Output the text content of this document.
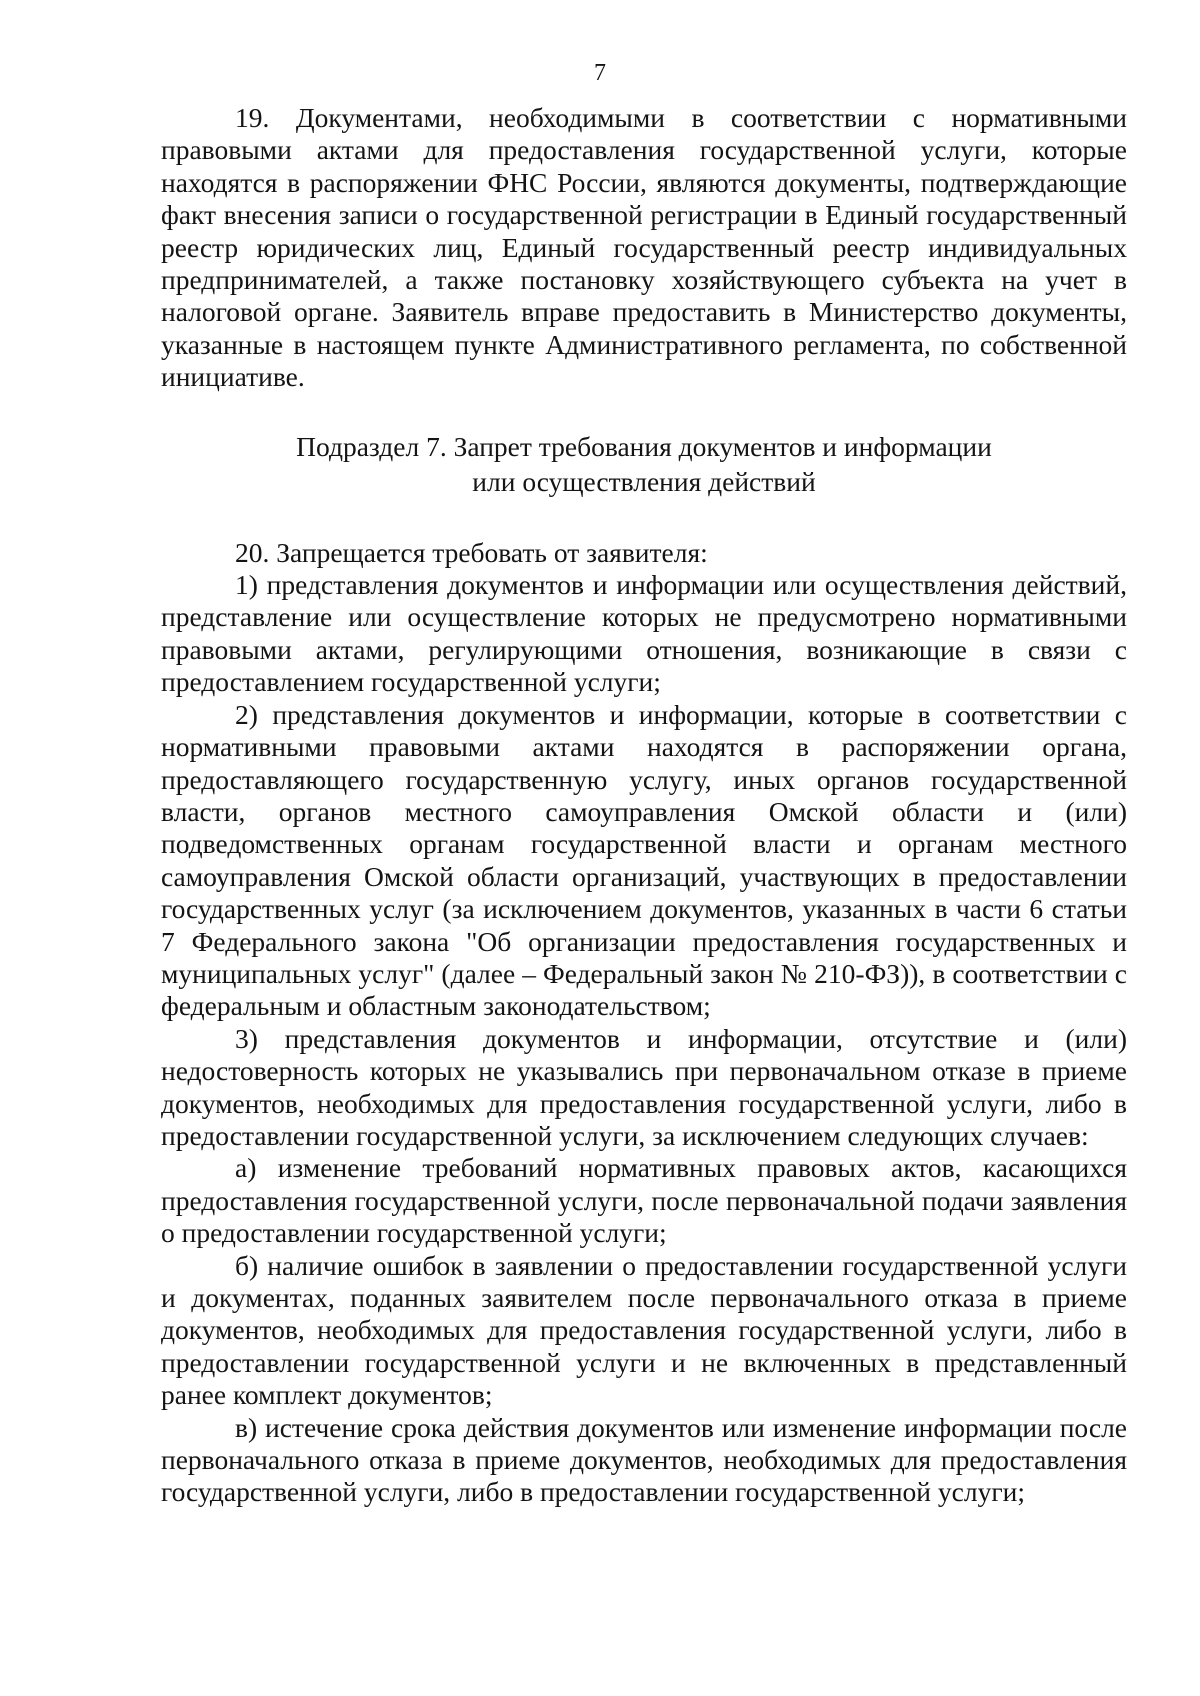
7

19. Документами, необходимыми в соответствии с нормативными правовыми актами для предоставления государственной услуги, которые находятся в распоряжении ФНС России, являются документы, подтверждающие факт внесения записи о государственной регистрации в Единый государственный реестр юридических лиц, Единый государственный реестр индивидуальных предпринимателей, а также постановку хозяйствующего субъекта на учет в налоговой органе. Заявитель вправе предоставить в Министерство документы, указанные в настоящем пункте Административного регламента, по собственной инициативе.

Подраздел 7. Запрет требования документов и информации
или осуществления действий

20. Запрещается требовать от заявителя:

1) представления документов и информации или осуществления действий, представление или осуществление которых не предусмотрено нормативными правовыми актами, регулирующими отношения, возникающие в связи с предоставлением государственной услуги;

2) представления документов и информации, которые в соответствии с нормативными правовыми актами находятся в распоряжении органа, предоставляющего государственную услугу, иных органов государственной власти, органов местного самоуправления Омской области и (или) подведомственных органам государственной власти и органам местного самоуправления Омской области организаций, участвующих в предоставлении государственных услуг (за исключением документов, указанных в части 6 статьи 7 Федерального закона "Об организации предоставления государственных и муниципальных услуг" (далее – Федеральный закон № 210-ФЗ)), в соответствии с федеральным и областным законодательством;

3) представления документов и информации, отсутствие и (или) недостоверность которых не указывались при первоначальном отказе в приеме документов, необходимых для предоставления государственной услуги, либо в предоставлении государственной услуги, за исключением следующих случаев:

а) изменение требований нормативных правовых актов, касающихся предоставления государственной услуги, после первоначальной подачи заявления о предоставлении государственной услуги;

б) наличие ошибок в заявлении о предоставлении государственной услуги и документах, поданных заявителем после первоначального отказа в приеме документов, необходимых для предоставления государственной услуги, либо в предоставлении государственной услуги и не включенных в представленный ранее комплект документов;

в) истечение срока действия документов или изменение информации после первоначального отказа в приеме документов, необходимых для предоставления государственной услуги, либо в предоставлении государственной услуги;
